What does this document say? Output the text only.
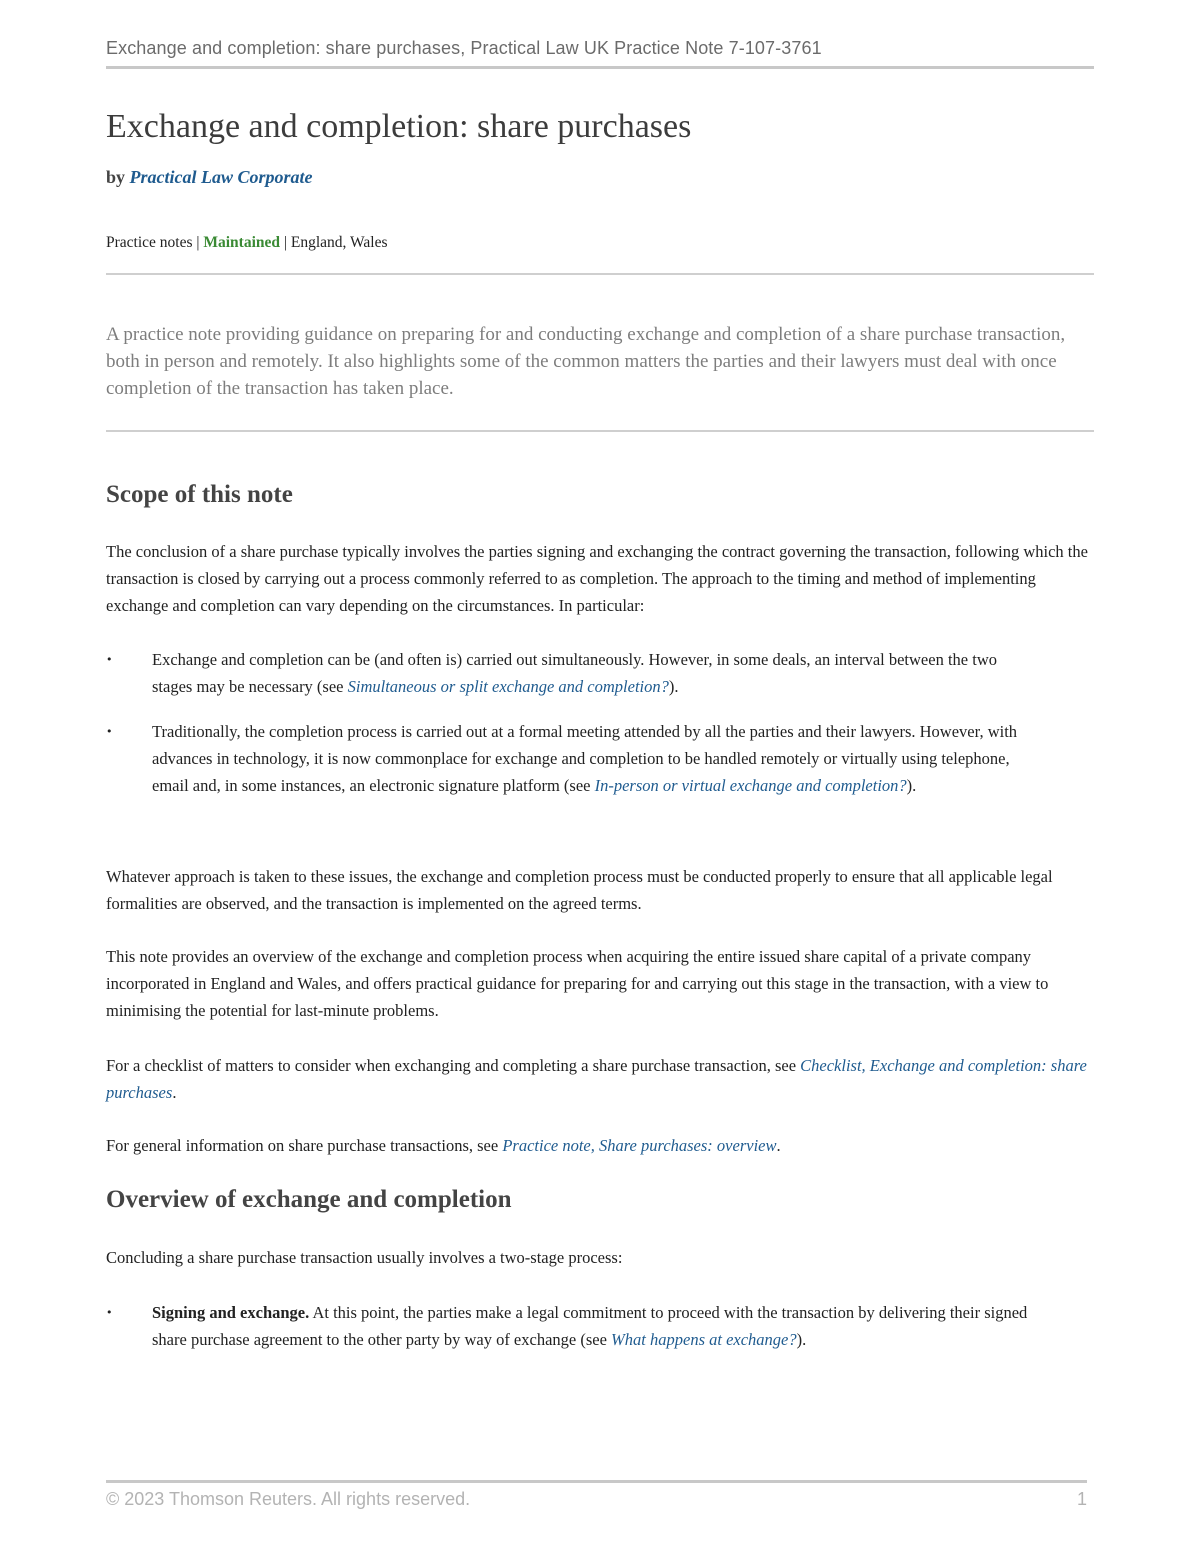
Exchange and completion: share purchases, Practical Law UK Practice Note 7-107-3761
Exchange and completion: share purchases
by Practical Law Corporate
Practice notes | Maintained | England, Wales

A practice note providing guidance on preparing for and conducting exchange and completion of a share purchase transaction, both in person and remotely. It also highlights some of the common matters the parties and their lawyers must deal with once completion of the transaction has taken place.

Scope of this note

The conclusion of a share purchase typically involves the parties signing and exchanging the contract governing the transaction, following which the transaction is closed by carrying out a process commonly referred to as completion. The approach to the timing and method of implementing exchange and completion can vary depending on the circumstances. In particular:

•	Exchange and completion can be (and often is) carried out simultaneously. However, in some deals, an interval between the two stages may be necessary (see Simultaneous or split exchange and completion?).

•	Traditionally, the completion process is carried out at a formal meeting attended by all the parties and their lawyers. However, with advances in technology, it is now commonplace for exchange and completion to be handled remotely or virtually using telephone, email and, in some instances, an electronic signature platform (see In-person or virtual exchange and completion?).

Whatever approach is taken to these issues, the exchange and completion process must be conducted properly to ensure that all applicable legal formalities are observed, and the transaction is implemented on the agreed terms.

This note provides an overview of the exchange and completion process when acquiring the entire issued share capital of a private company incorporated in England and Wales, and offers practical guidance for preparing for and carrying out this stage in the transaction, with a view to minimising the potential for last-minute problems.

For a checklist of matters to consider when exchanging and completing a share purchase transaction, see Checklist, Exchange and completion: share purchases.

For general information on share purchase transactions, see Practice note, Share purchases: overview.

Overview of exchange and completion

Concluding a share purchase transaction usually involves a two-stage process:

•	Signing and exchange. At this point, the parties make a legal commitment to proceed with the transaction by delivering their signed share purchase agreement to the other party by way of exchange (see What happens at exchange?).

© 2023 Thomson Reuters. All rights reserved.	1
